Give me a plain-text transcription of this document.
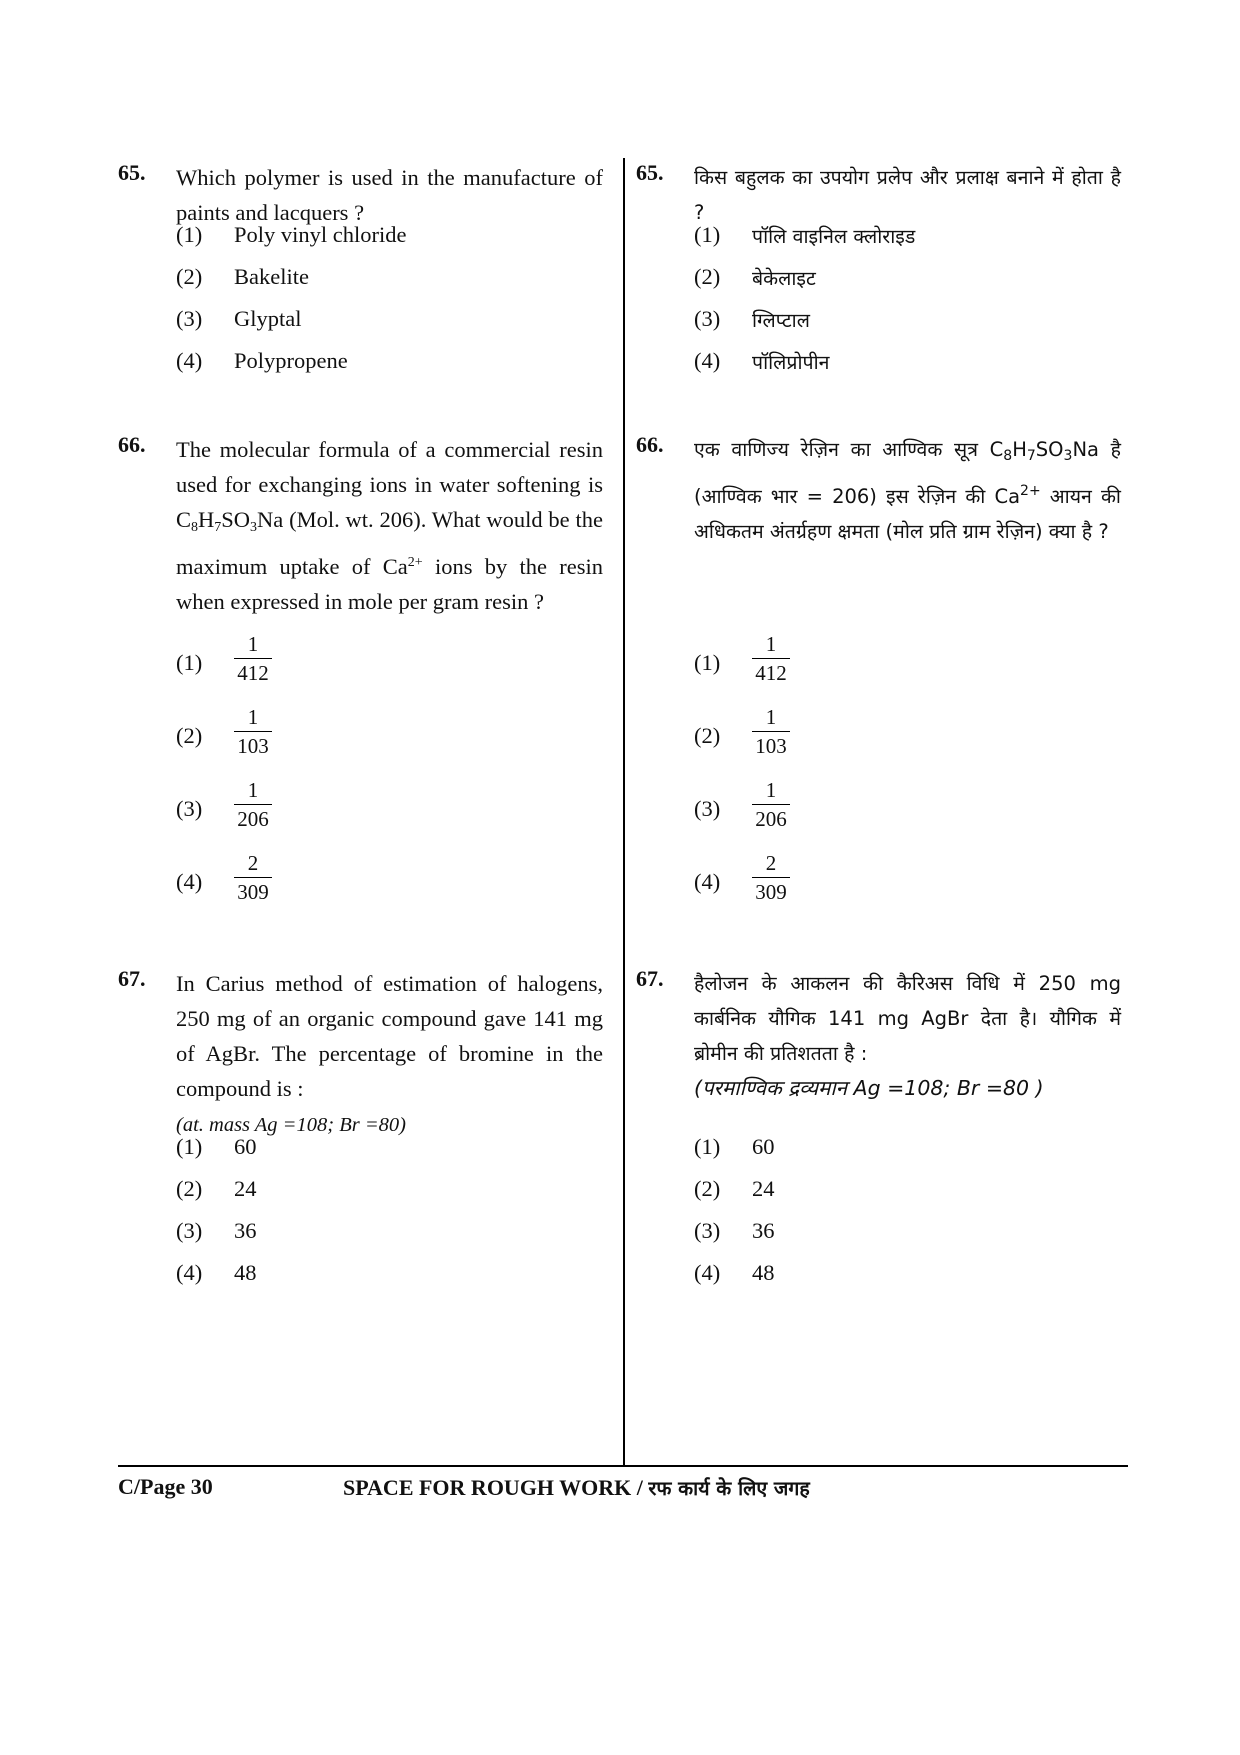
65. Which polymer is used in the manufacture of paints and lacquers ?
(1) Poly vinyl chloride
(2) Bakelite
(3) Glyptal
(4) Polypropene
66. The molecular formula of a commercial resin used for exchanging ions in water softening is $C_8H_7SO_3Na$ (Mol. wt. 206). What would be the maximum uptake of $Ca^{2+}$ ions by the resin when expressed in mole per gram resin ?
$(1) \frac{1}{412}$
$(2) \frac{1}{103}$
$(3) \frac{1}{206}$
$(4) \frac{2}{309}$
67. In Carius method of estimation of halogens, 250 mg of an organic compound gave 141 mg of AgBr. The percentage of bromine in the compound is :
(at. mass Ag =108; Br =80)
(1) 60
(2) 24
(3) 36
(4) 48
65. किस बहुलक का उपयोग प्रलेप और प्रलाक्ष बनाने में होता है ?
(1) पॉलि वाइनिल क्लोराइड
(2) बेकेलाइट
(3) ग्लिप्टाल
(4) पॉलिप्रोपीन
66. एक वाणिज्य रेज़िन का आण्विक सूत्र $C_8H_7SO_3Na$ है (आण्विक भार = 206) इस रेज़िन की $Ca^{2+}$ आयन की अधिकतम अंतर्ग्रहण क्षमता (मोल प्रति ग्राम रेज़िन) क्या है ?
$(1) \frac{1}{412}$
$(2) \frac{1}{103}$
$(3) \frac{1}{206}$
$(4) \frac{2}{309}$
67. हैलोजन के आकलन की कैरिअस विधि में 250 mg कार्बनिक यौगिक 141 mg AgBr देता है। यौगिक में ब्रोमीन की प्रतिशतता है :
(परमाण्विक द्रव्यमान Ag =108; Br =80 )
(1) 60
(2) 24
(3) 36
(4) 48
C/Page 30	SPACE FOR ROUGH WORK / रफ कार्य के लिए जगह
